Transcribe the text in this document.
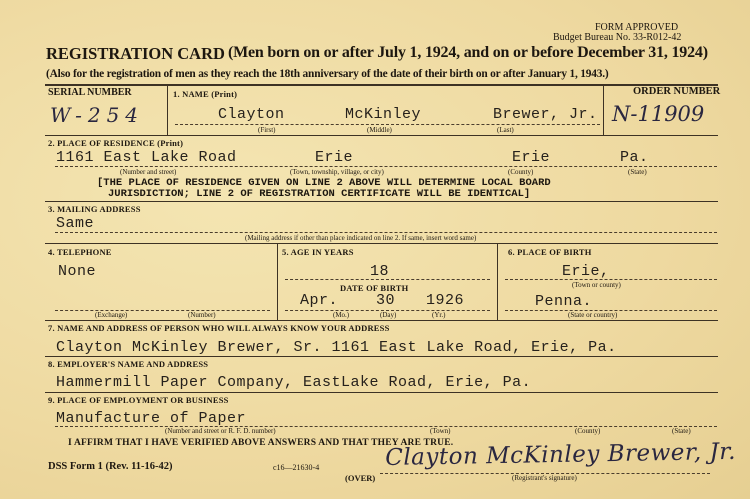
FORM APPROVED
Budget Bureau No. 33-R012-42
REGISTRATION CARD (Men born on or after July 1, 1924, and on or before December 31, 1924)
(Also for the registration of men as they reach the 18th anniversary of the date of their birth on or after January 1, 1943.)
SERIAL NUMBER	1. NAME (Print)	ORDER NUMBER
W-254	Clayton	McKinley	Brewer, Jr. N-11909
(First)	(Middle)	(Last)
2. PLACE OF RESIDENCE (Print)
1161 East Lake Road	Erie	Erie	Pa.
(Number and street)	(Town, township, village, or city)	(County)	(State)
[THE PLACE OF RESIDENCE GIVEN ON LINE 2 ABOVE WILL DETERMINE LOCAL BOARD
JURISDICTION; LINE 2 OF REGISTRATION CERTIFICATE WILL BE IDENTICAL]
3. MAILING ADDRESS
Same
(Mailing address if other than place indicated on line 2. If same, insert word same)
4. TELEPHONE
None
(Exchange)	(Number)
5. AGE IN YEARS
18
DATE OF BIRTH
Apr.	30 1926
(Mo.)	(Day)	(Yr.)
6. PLACE OF BIRTH
Erie,
(Town or county)
Penna.
(State or country)
7. NAME AND ADDRESS OF PERSON WHO WILL ALWAYS KNOW YOUR ADDRESS
Clayton McKinley Brewer, Sr. 1161 East Lake Road, Erie, Pa.
8. EMPLOYER'S NAME AND ADDRESS
Hammermill Paper Company, EastLake Road, Erie, Pa.
9. PLACE OF EMPLOYMENT OR BUSINESS
Manufacture of Paper
(Number and street or R. F. D. number)	(Town)	(County)	(State)
I AFFIRM THAT I HAVE VERIFIED ABOVE ANSWERS AND THAT THEY ARE TRUE.
DSS Form 1 (Rev. 11-16-42)	c16—21630-4
(OVER)
Clayton McKinley Brewer, Jr.
(Registrant's signature)
